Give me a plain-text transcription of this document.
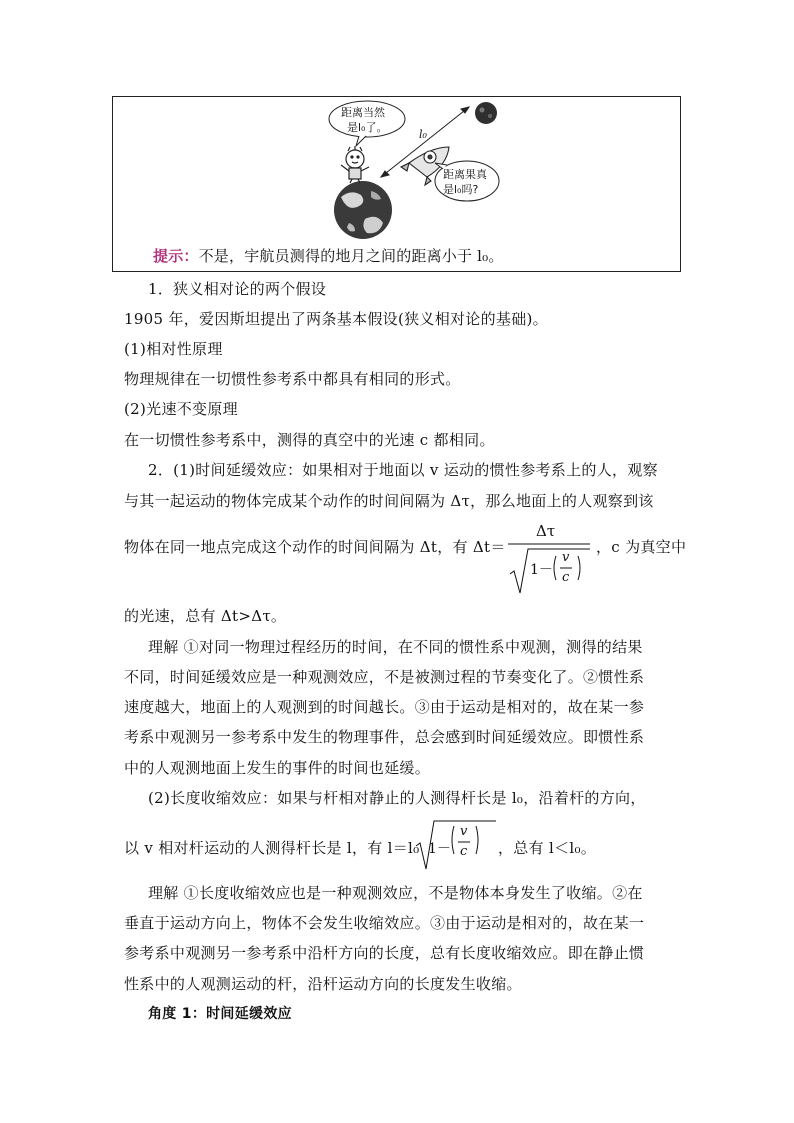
距离当然
是l₀了。
距离果真
是l₀吗?
l₀
提示：不是，宇航员测得的地月之间的距离小于 l₀。
1．狭义相对论的两个假设
1905 年，爱因斯坦提出了两条基本假设(狭义相对论的基础)。
(1)相对性原理
物理规律在一切惯性参考系中都具有相同的形式。
(2)光速不变原理
在一切惯性参考系中，测得的真空中的光速 c 都相同。
2．(1)时间延缓效应：如果相对于地面以 v 运动的惯性参考系上的人，观察
与其一起运动的物体完成某个动作的时间间隔为 Δτ，那么地面上的人观察到该
物体在同一地点完成这个动作的时间间隔为 Δt，有 Δt＝
Δτ
1－
v
c
，c 为真空中
的光速，总有 Δt>Δτ。
理解 ①对同一物理过程经历的时间，在不同的惯性系中观测，测得的结果
不同，时间延缓效应是一种观测效应，不是被测过程的节奏变化了。②惯性系
速度越大，地面上的人观测到的时间越长。③由于运动是相对的，故在某一参
考系中观测另一参考系中发生的物理事件，总会感到时间延缓效应。即惯性系
中的人观测地面上发生的事件的时间也延缓。
(2)长度收缩效应：如果与杆相对静止的人测得杆长是 l₀，沿着杆的方向，
以 v 相对杆运动的人测得杆长是 l，有 l＝l₀ 1－
v
c ，总有 l＜l₀。
理解 ①长度收缩效应也是一种观测效应，不是物体本身发生了收缩。②在
垂直于运动方向上，物体不会发生收缩效应。③由于运动是相对的，故在某一
参考系中观测另一参考系中沿杆方向的长度，总有长度收缩效应。即在静止惯
性系中的人观测运动的杆，沿杆运动方向的长度发生收缩。
角度 1：时间延缓效应
